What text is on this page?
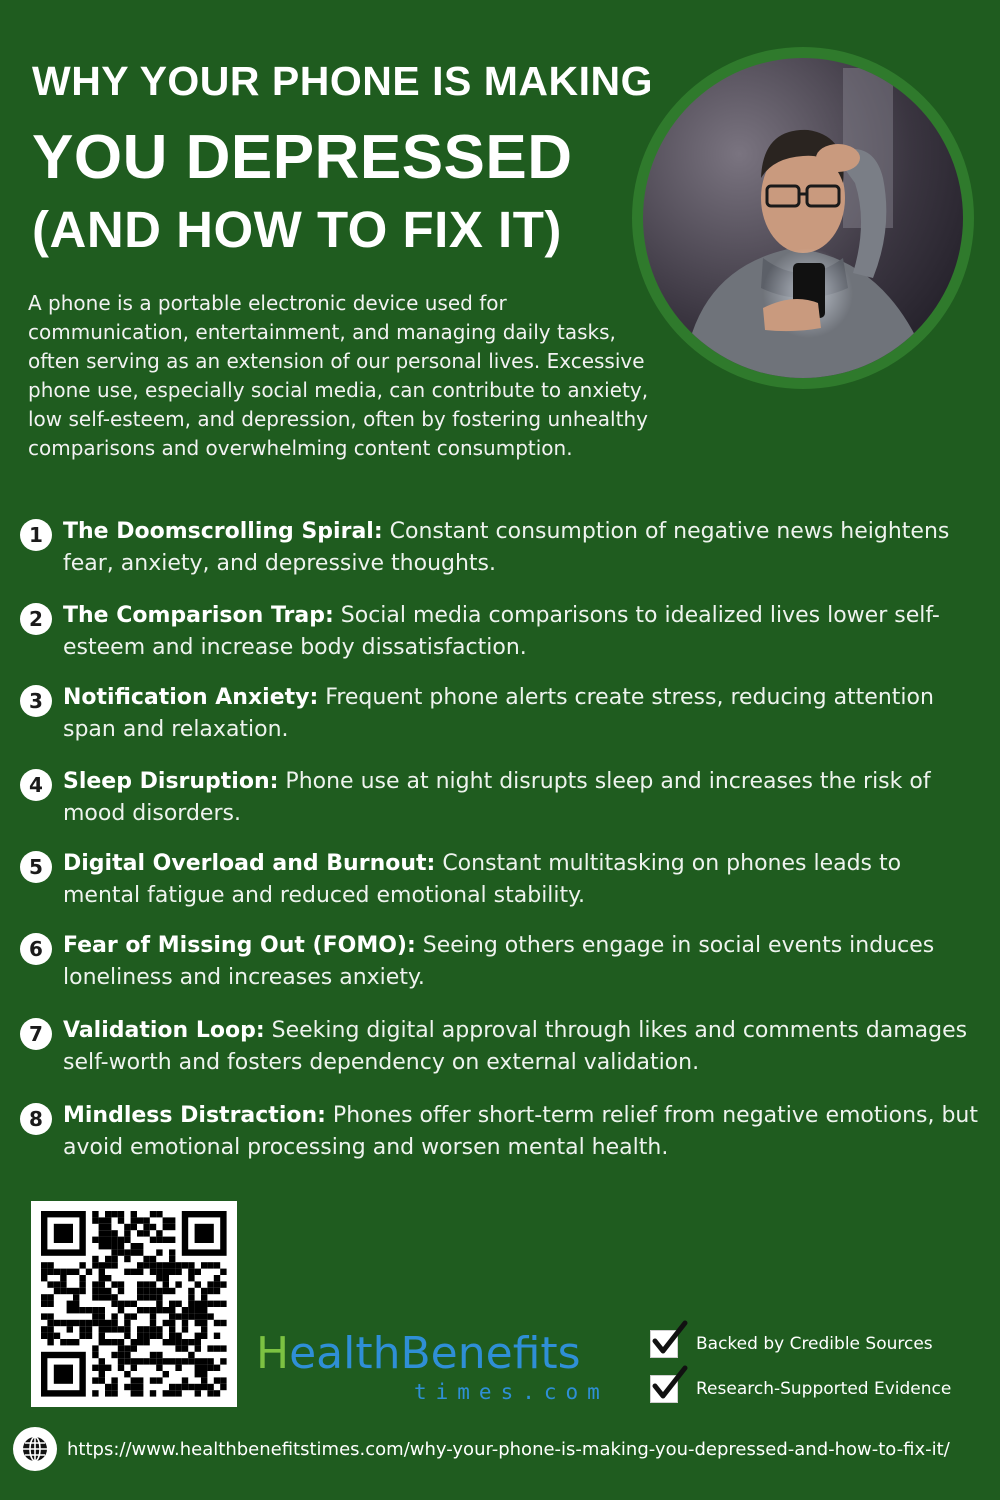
WHY YOUR PHONE IS MAKING
YOU DEPRESSED
(AND HOW TO FIX IT)

A phone is a portable electronic device used for communication, entertainment, and managing daily tasks, often serving as an extension of our personal lives. Excessive phone use, especially social media, can contribute to anxiety, low self-esteem, and depression, often by fostering unhealthy comparisons and overwhelming content consumption.

1 The Doomscrolling Spiral: Constant consumption of negative news heightens fear, anxiety, and depressive thoughts.
2 The Comparison Trap: Social media comparisons to idealized lives lower self-esteem and increase body dissatisfaction.
3 Notification Anxiety: Frequent phone alerts create stress, reducing attention span and relaxation.
4 Sleep Disruption: Phone use at night disrupts sleep and increases the risk of mood disorders.
5 Digital Overload and Burnout: Constant multitasking on phones leads to mental fatigue and reduced emotional stability.
6 Fear of Missing Out (FOMO): Seeing others engage in social events induces loneliness and increases anxiety.
7 Validation Loop: Seeking digital approval through likes and comments damages self-worth and fosters dependency on external validation.
8 Mindless Distraction: Phones offer short-term relief from negative emotions, but avoid emotional processing and worsen mental health.
HealthBenefits
times.com
Backed by Credible Sources
Research-Supported Evidence
https://www.healthbenefitstimes.com/why-your-phone-is-making-you-depressed-and-how-to-fix-it/
